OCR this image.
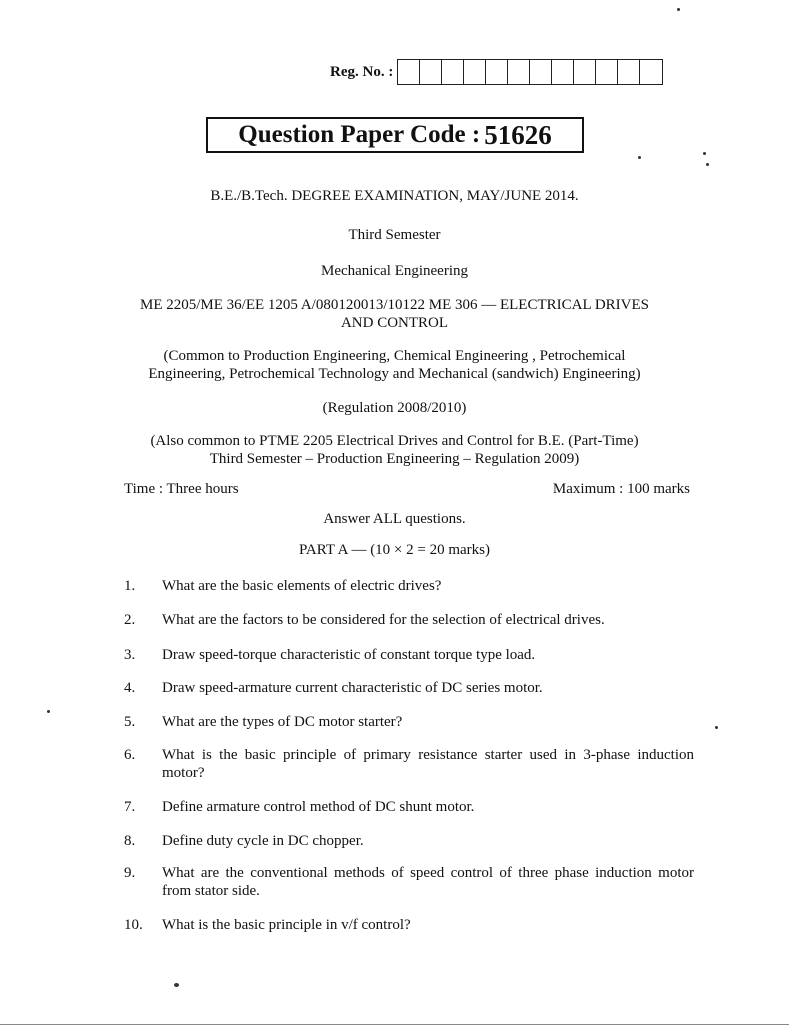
Reg. No. :
Question Paper Code : 51626
B.E./B.Tech. DEGREE EXAMINATION, MAY/JUNE 2014.
Third Semester
Mechanical Engineering
ME 2205/ME 36/EE 1205 A/080120013/10122 ME 306 — ELECTRICAL DRIVES
AND CONTROL
(Common to Production Engineering, Chemical Engineering , Petrochemical
Engineering, Petrochemical Technology and Mechanical (sandwich) Engineering)
(Regulation 2008/2010)
(Also common to PTME 2205 Electrical Drives and Control for B.E. (Part-Time)
Third Semester – Production Engineering – Regulation 2009)
Time : Three hours	Maximum : 100 marks
Answer ALL questions.
PART A — (10 × 2 = 20 marks)
1.	What are the basic elements of electric drives?
2.	What are the factors to be considered for the selection of electrical drives.
3.	Draw speed-torque characteristic of constant torque type load.
4.	Draw speed-armature current characteristic of DC series motor.
5.	What are the types of DC motor starter?
6.	What is the basic principle of primary resistance starter used in 3-phase induction motor?
7.	Define armature control method of DC shunt motor.
8.	Define duty cycle in DC chopper.
9.	What are the conventional methods of speed control of three phase induction motor from stator side.
10.	What is the basic principle in v/f control?
